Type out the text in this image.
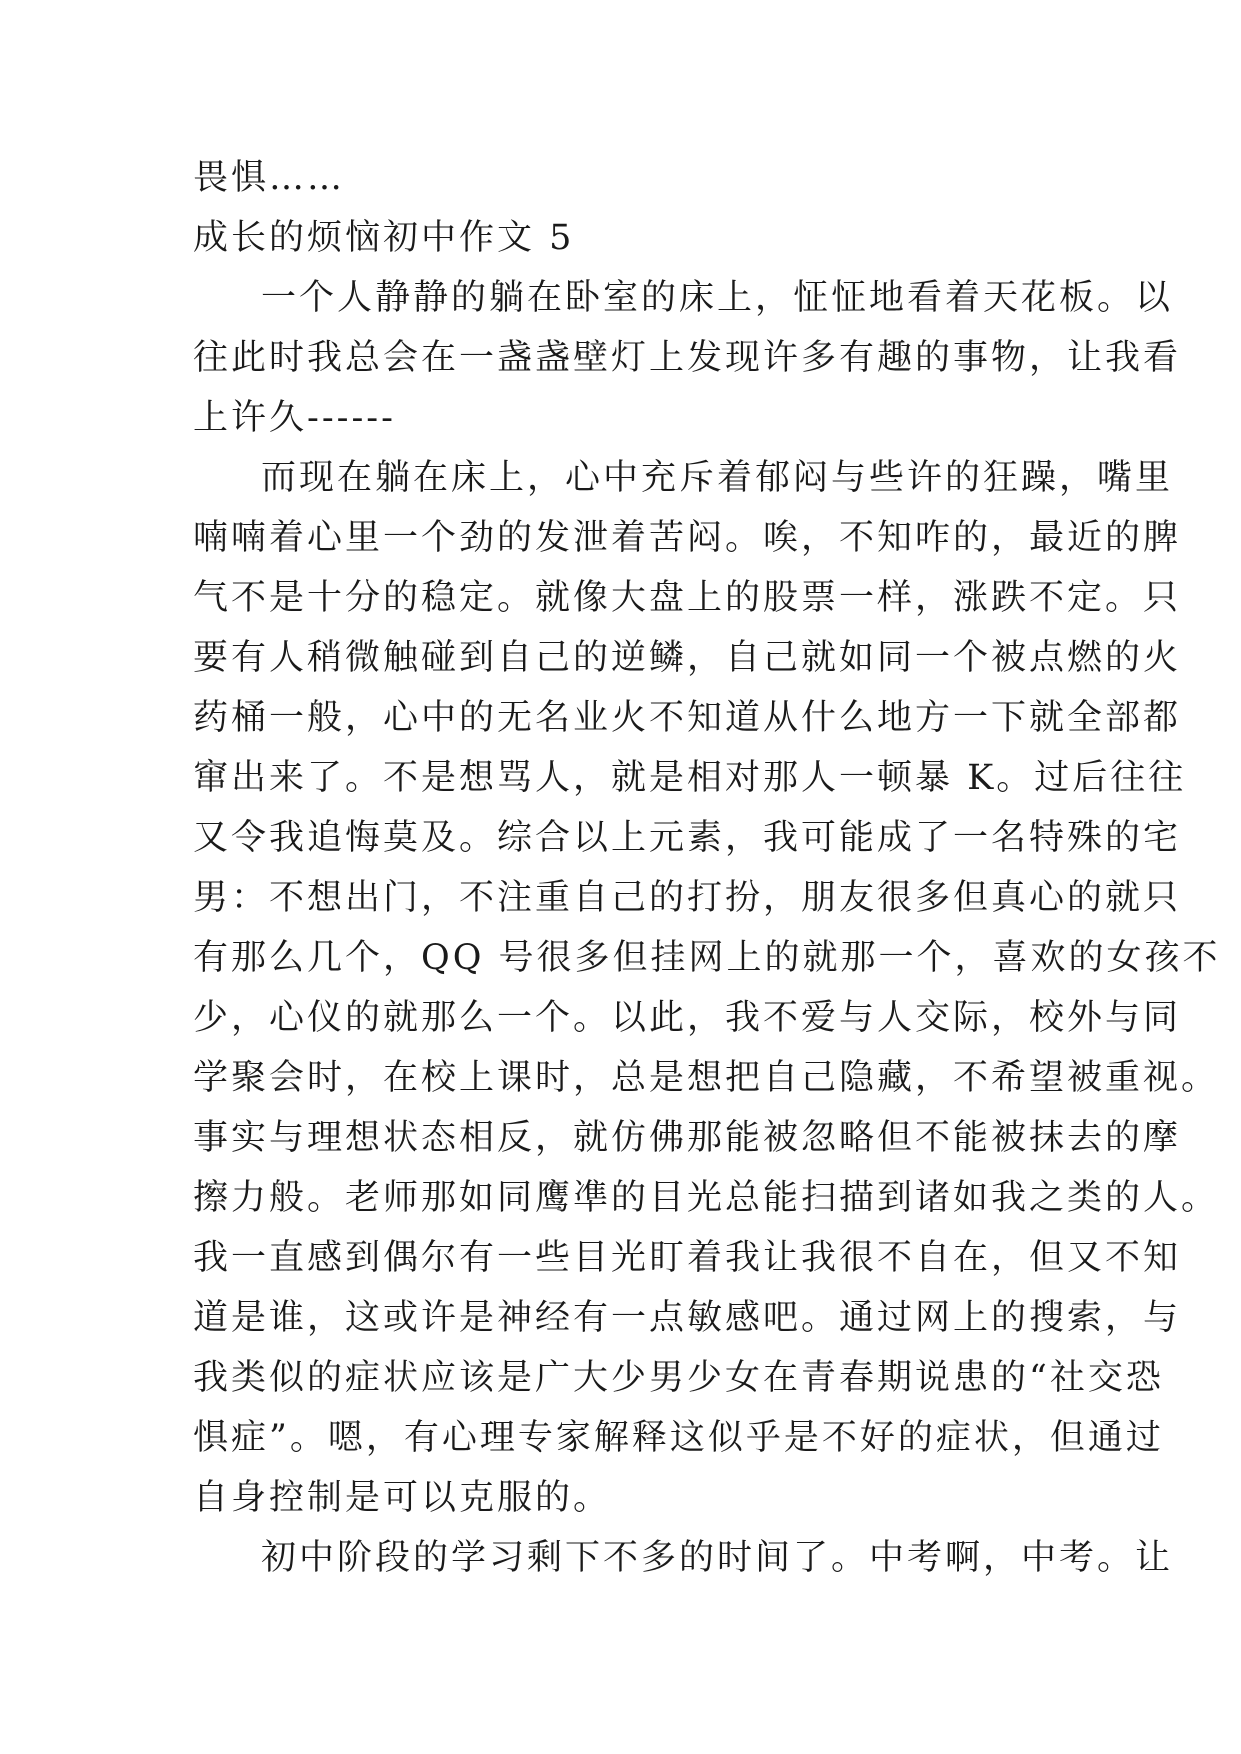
畏惧……
成长的烦恼初中作文 5
一个人静静的躺在卧室的床上，怔怔地看着天花板。以
往此时我总会在一盏盏壁灯上发现许多有趣的事物，让我看
上许久------
而现在躺在床上，心中充斥着郁闷与些许的狂躁，嘴里
喃喃着心里一个劲的发泄着苦闷。唉，不知咋的，最近的脾
气不是十分的稳定。就像大盘上的股票一样，涨跌不定。只
要有人稍微触碰到自己的逆鳞，自己就如同一个被点燃的火
药桶一般，心中的无名业火不知道从什么地方一下就全部都
窜出来了。不是想骂人，就是相对那人一顿暴 K。过后往往
又令我追悔莫及。综合以上元素，我可能成了一名特殊的宅
男：不想出门，不注重自己的打扮，朋友很多但真心的就只
有那么几个，QQ 号很多但挂网上的就那一个，喜欢的女孩不
少，心仪的就那么一个。以此，我不爱与人交际，校外与同
学聚会时，在校上课时，总是想把自己隐藏，不希望被重视。
事实与理想状态相反，就仿佛那能被忽略但不能被抹去的摩
擦力般。老师那如同鹰凖的目光总能扫描到诸如我之类的人。
我一直感到偶尔有一些目光盯着我让我很不自在，但又不知
道是谁，这或许是神经有一点敏感吧。通过网上的搜索，与
我类似的症状应该是广大少男少女在青春期说患的“社交恐
惧症”。嗯，有心理专家解释这似乎是不好的症状，但通过
自身控制是可以克服的。
初中阶段的学习剩下不多的时间了。中考啊，中考。让
